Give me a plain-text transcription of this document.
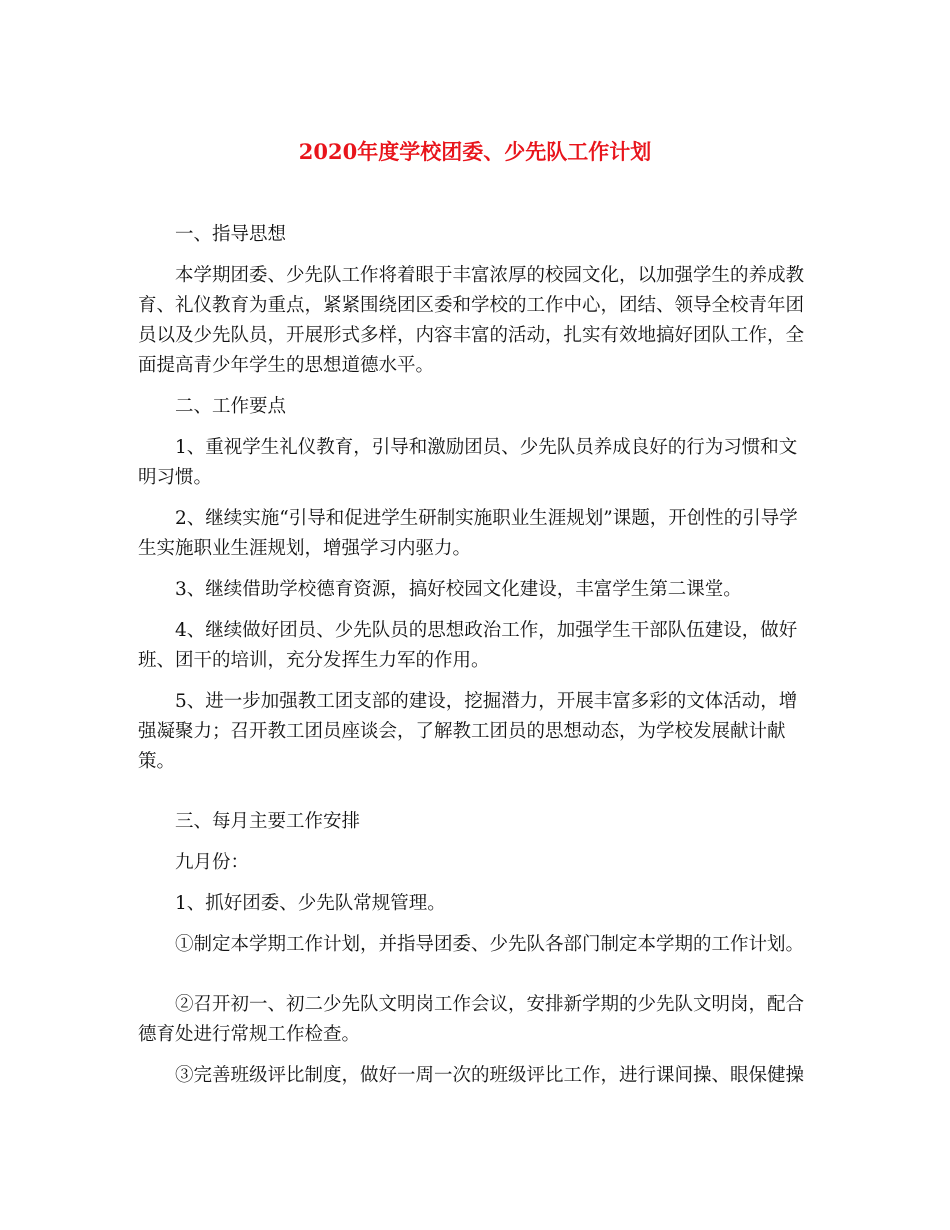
2020年度学校团委、少先队工作计划

一、指导思想

本学期团委、少先队工作将着眼于丰富浓厚的校园文化，以加强学生的养成教育、礼仪教育为重点，紧紧围绕团区委和学校的工作中心，团结、领导全校青年团员以及少先队员，开展形式多样，内容丰富的活动，扎实有效地搞好团队工作，全面提高青少年学生的思想道德水平。

二、工作要点

1、重视学生礼仪教育，引导和激励团员、少先队员养成良好的行为习惯和文明习惯。

2、继续实施“引导和促进学生研制实施职业生涯规划”课题，开创性的引导学生实施职业生涯规划，增强学习内驱力。

3、继续借助学校德育资源，搞好校园文化建设，丰富学生第二课堂。

4、继续做好团员、少先队员的思想政治工作，加强学生干部队伍建设，做好班、团干的培训，充分发挥生力军的作用。

5、进一步加强教工团支部的建设，挖掘潜力，开展丰富多彩的文体活动，增强凝聚力；召开教工团员座谈会，了解教工团员的思想动态，为学校发展献计献策。

三、每月主要工作安排

九月份：

1、抓好团委、少先队常规管理。

①制定本学期工作计划，并指导团委、少先队各部门制定本学期的工作计划。

②召开初一、初二少先队文明岗工作会议，安排新学期的少先队文明岗，配合德育处进行常规工作检查。

③完善班级评比制度，做好一周一次的班级评比工作，进行课间操、眼保健操
